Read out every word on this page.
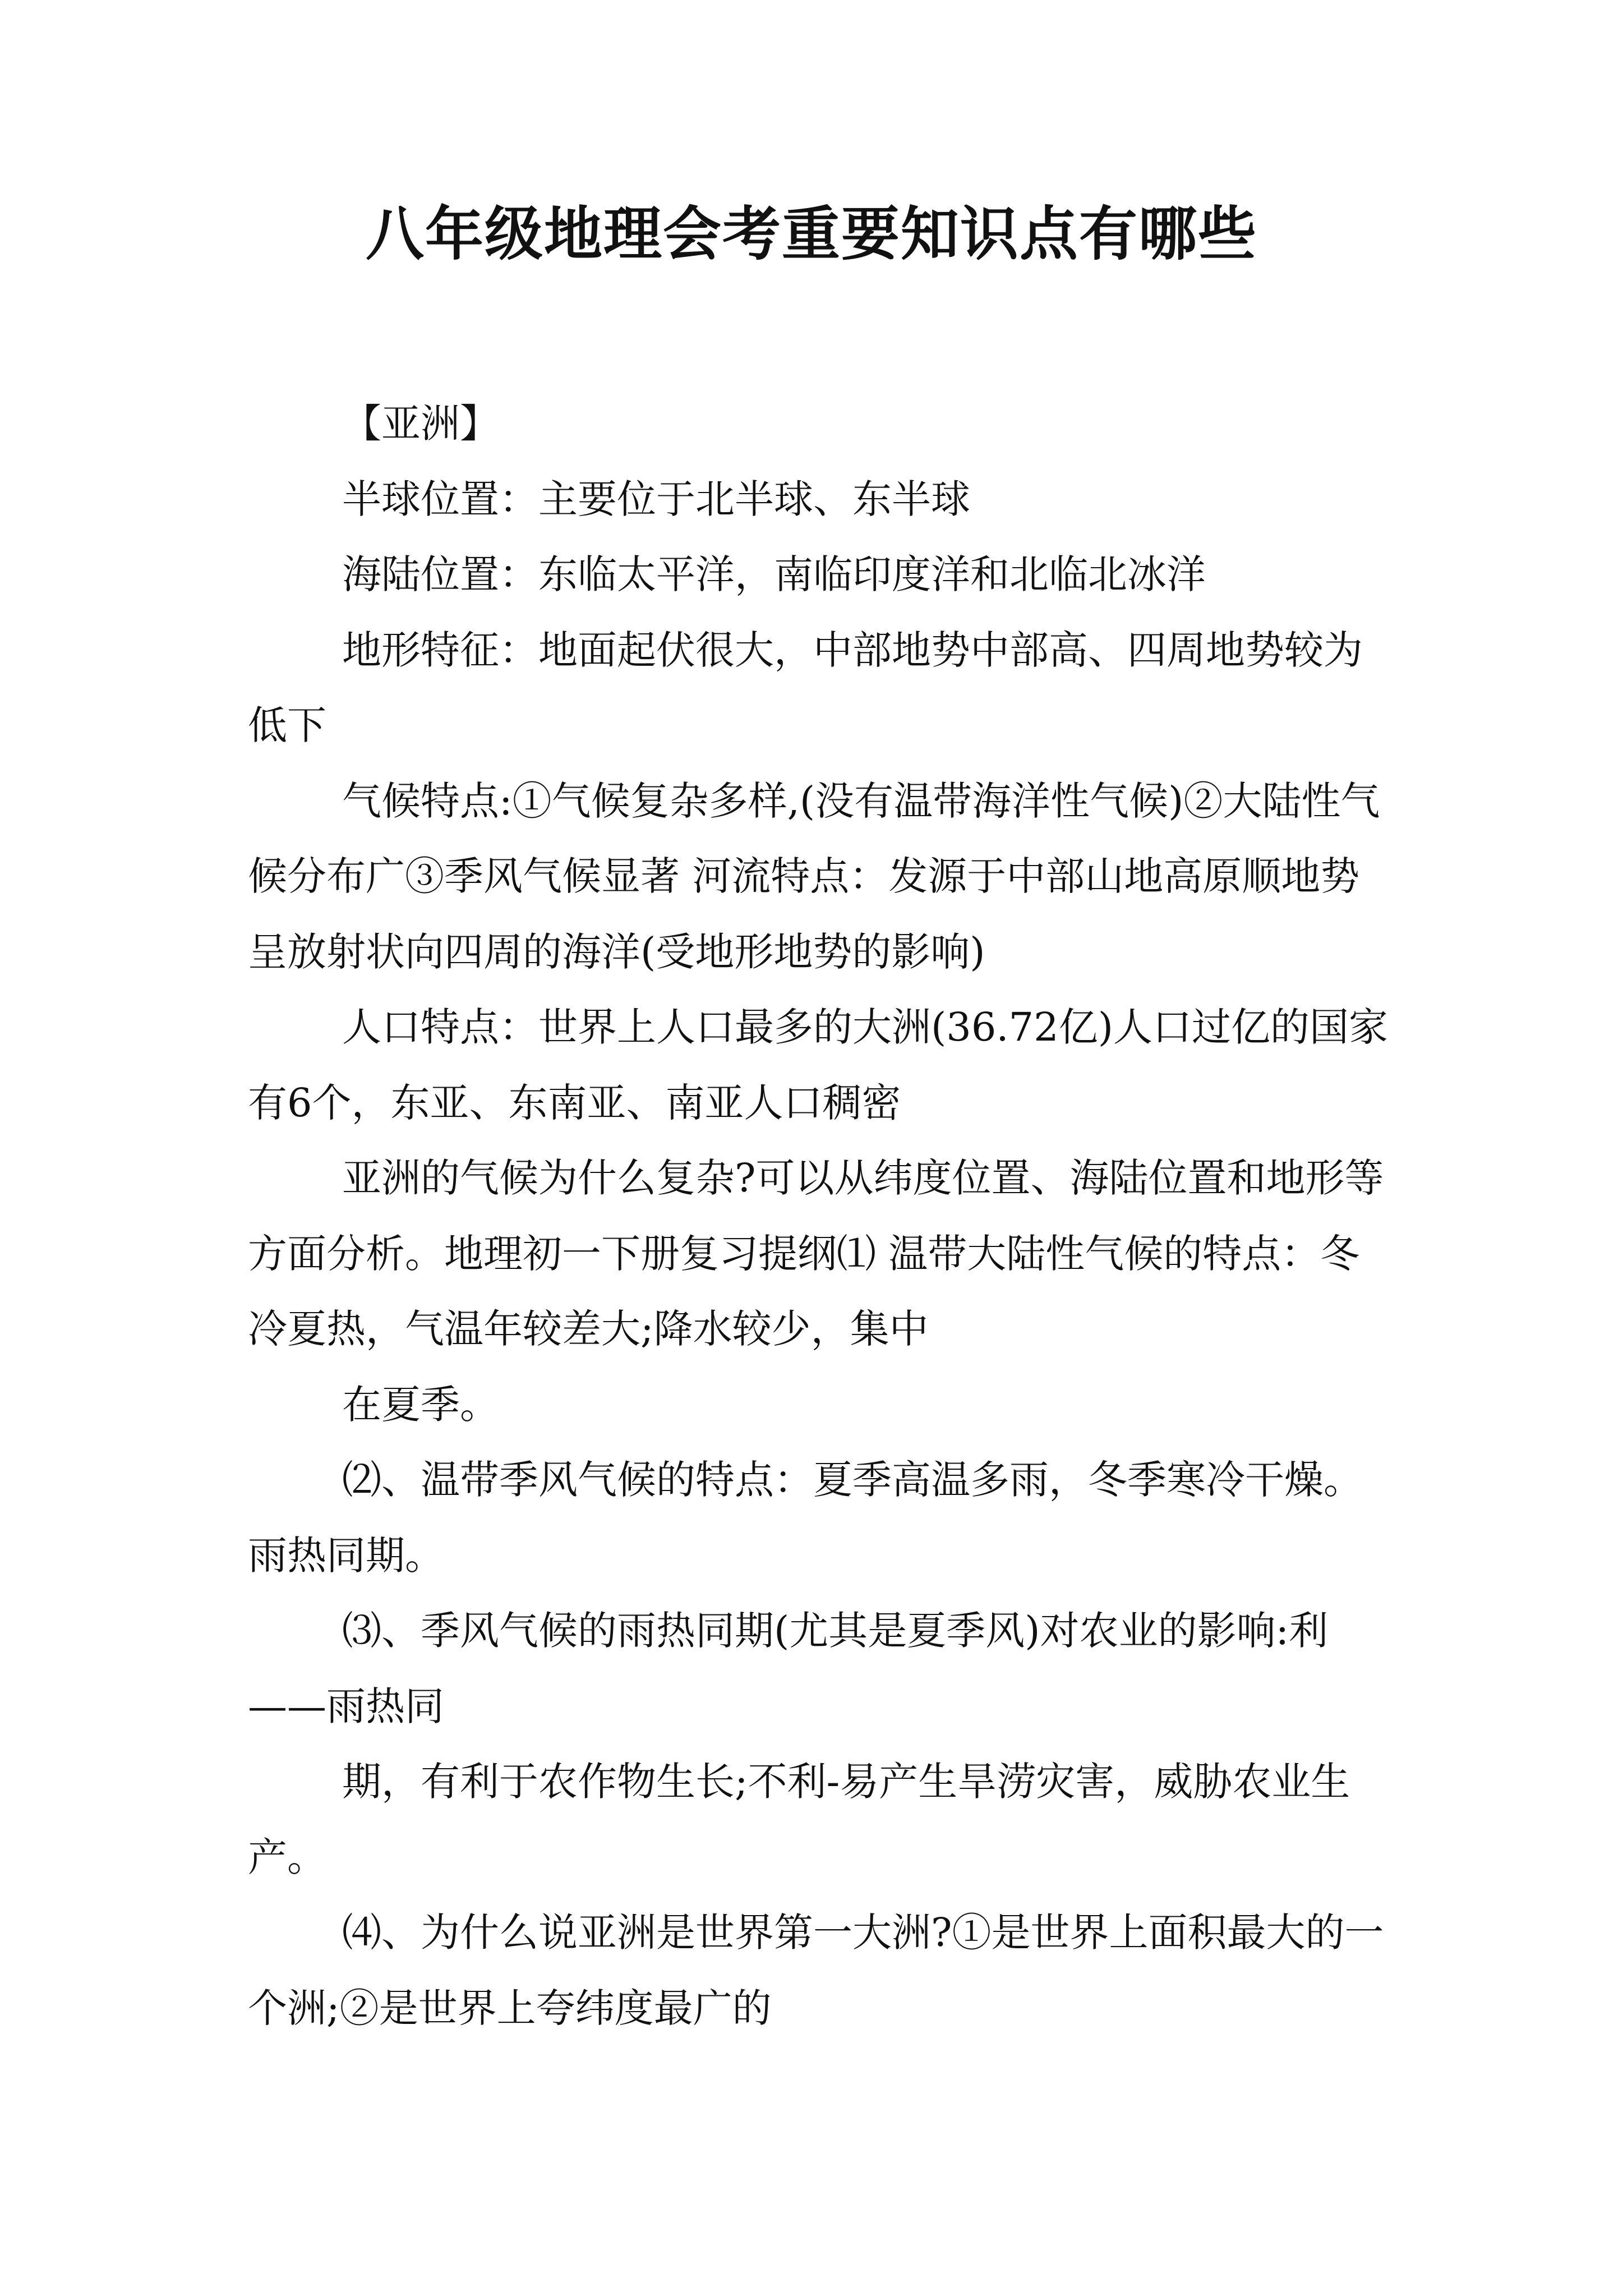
八年级地理会考重要知识点有哪些

【亚洲】

半球位置：主要位于北半球、东半球

海陆位置：东临太平洋，南临印度洋和北临北冰洋

地形特征：地面起伏很大，中部地势中部高、四周地势较为低下

气候特点:①气候复杂多样,(没有温带海洋性气候)②大陆性气候分布广③季风气候显著 河流特点：发源于中部山地高原顺地势呈放射状向四周的海洋(受地形地势的影响)

人口特点：世界上人口最多的大洲(36.72亿)人口过亿的国家有6个，东亚、东南亚、南亚人口稠密

亚洲的气候为什么复杂?可以从纬度位置、海陆位置和地形等方面分析。地理初一下册复习提纲⑴ 温带大陆性气候的特点：冬冷夏热，气温年较差大;降水较少，集中

在夏季。

⑵、温带季风气候的特点：夏季高温多雨，冬季寒冷干燥。雨热同期。

⑶、季风气候的雨热同期(尤其是夏季风)对农业的影响:利——雨热同

期，有利于农作物生长;不利-易产生旱涝灾害，威胁农业生产。

⑷、为什么说亚洲是世界第一大洲?①是世界上面积最大的一个洲;②是世界上夸纬度最广的
